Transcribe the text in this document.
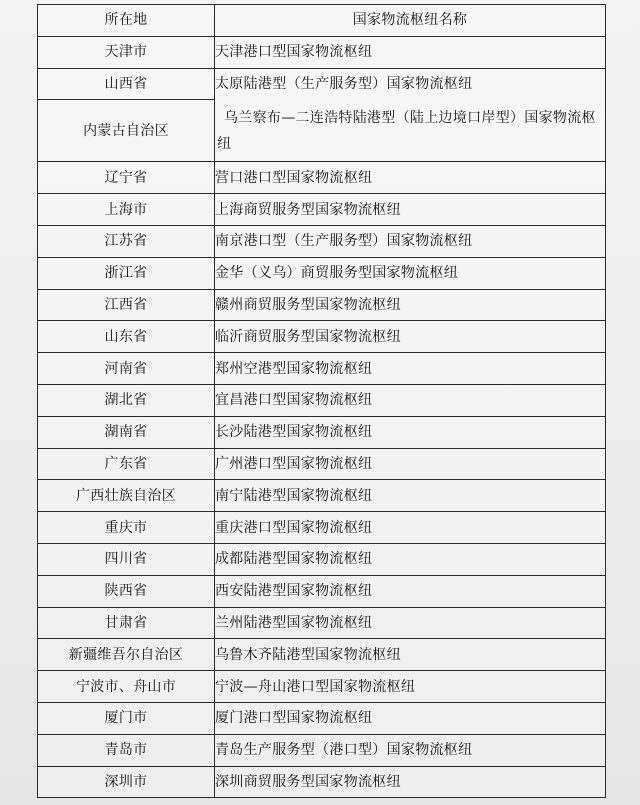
所在地	国家物流枢纽名称
天津市	天津港口型国家物流枢纽
山西省	太原陆港型（生产服务型）国家物流枢纽
内蒙古自治区	乌兰察布—二连浩特陆港型（陆上边境口岸型）国家物流枢纽
辽宁省	营口港口型国家物流枢纽
上海市	上海商贸服务型国家物流枢纽
江苏省	南京港口型（生产服务型）国家物流枢纽
浙江省	金华（义乌）商贸服务型国家物流枢纽
江西省	赣州商贸服务型国家物流枢纽
山东省	临沂商贸服务型国家物流枢纽
河南省	郑州空港型国家物流枢纽
湖北省	宜昌港口型国家物流枢纽
湖南省	长沙陆港型国家物流枢纽
广东省	广州港口型国家物流枢纽
广西壮族自治区	南宁陆港型国家物流枢纽
重庆市	重庆港口型国家物流枢纽
四川省	成都陆港型国家物流枢纽
陕西省	西安陆港型国家物流枢纽
甘肃省	兰州陆港型国家物流枢纽
新疆维吾尔自治区	乌鲁木齐陆港型国家物流枢纽
宁波市、舟山市	宁波—舟山港口型国家物流枢纽
厦门市	厦门港口型国家物流枢纽
青岛市	青岛生产服务型（港口型）国家物流枢纽
深圳市	深圳商贸服务型国家物流枢纽
